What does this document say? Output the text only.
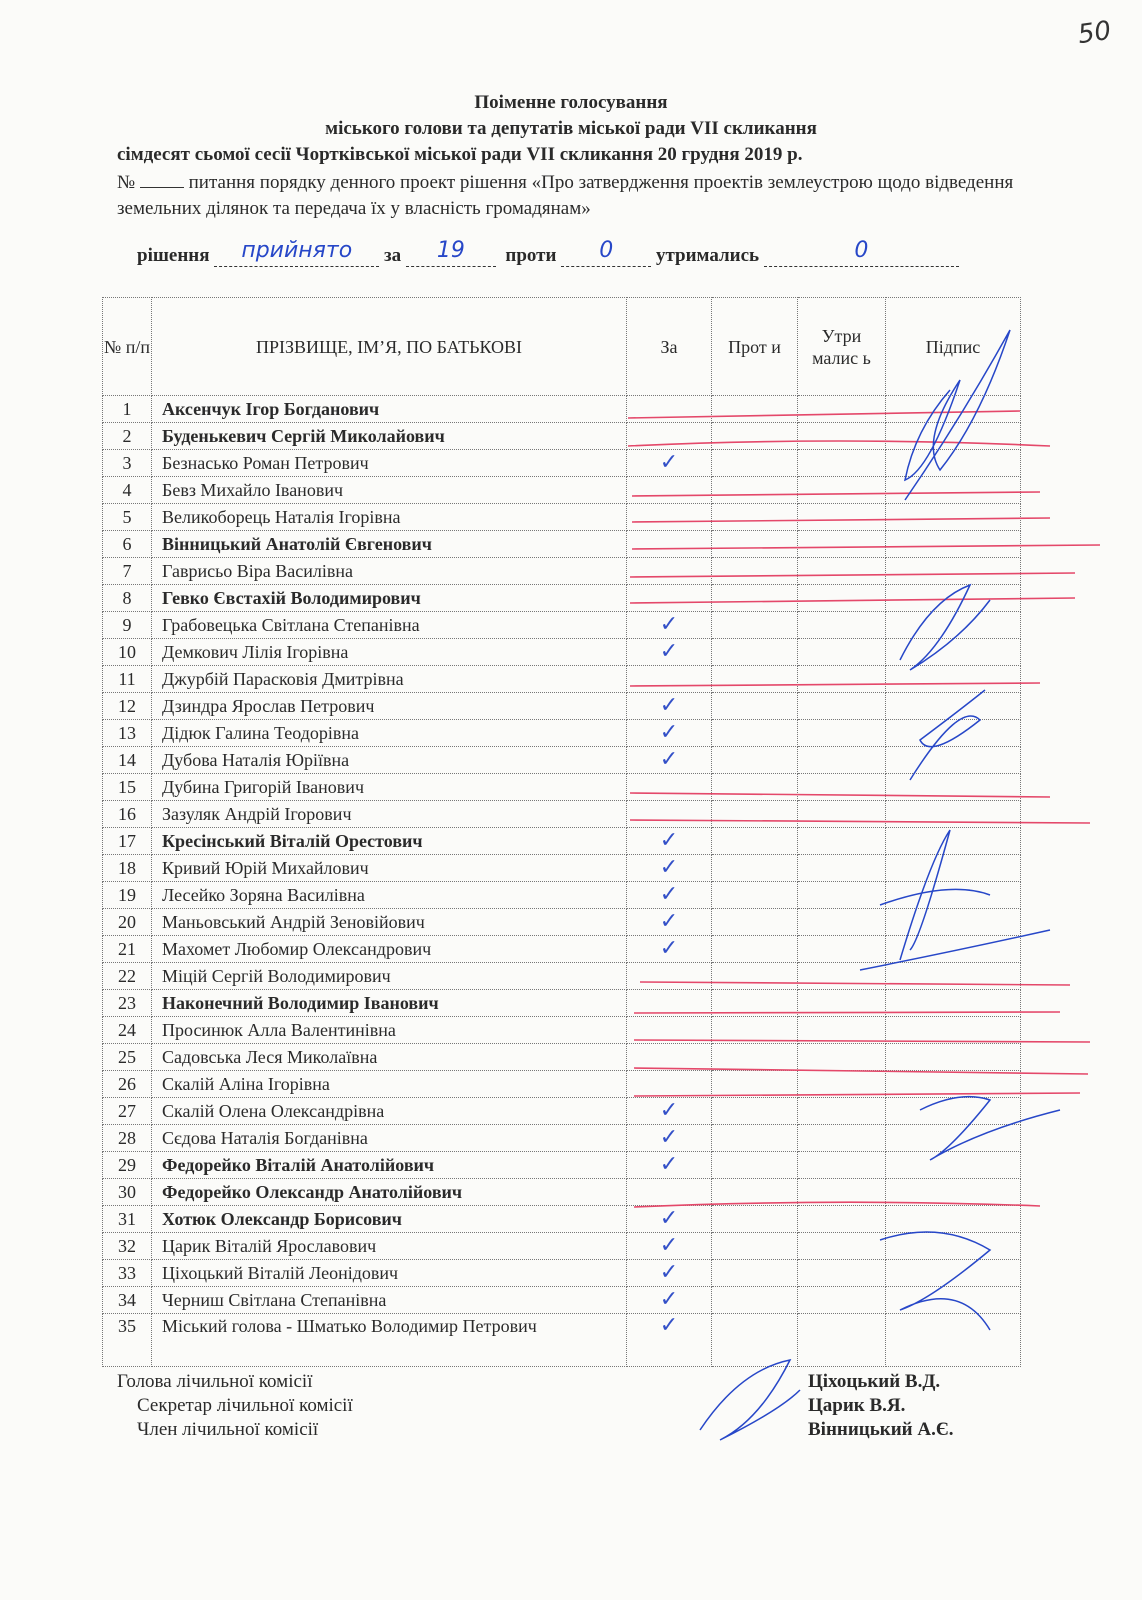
50
Поіменне голосування
міського голови та депутатів міської ради VII скликання
сімдесят сьомої сесії Чортківської міської ради VII скликання 20 грудня 2019 р.
№	питання порядку денного проект рішення «Про затвердження проектів землеустрою щодо відведення земельних ділянок та передача їх у власність громадянам»
рішення прийнято за 19 проти 0 утримались	0
№ п/п	ПРІЗВИЩЕ, ІМ’Я, ПО БАТЬКОВІ	За	Прот и	Утри малис ь	Підпис
1	Аксенчук Ігор Богданович				
2	Буденькевич Сергій Миколайович				
3	Безнасько Роман Петрович	✓			
4	Бевз Михайло Іванович				
5	Великоборець Наталія Ігорівна				
6	Вінницький Анатолій Євгенович				
7	Гаврисьо Віра Василівна				
8	Гевко Євстахій Володимирович				
9	Грабовецька Світлана Степанівна	✓			
10	Демкович Лілія Ігорівна	✓			
11	Джурбій Парасковія Дмитрівна				
12	Дзиндра Ярослав Петрович	✓			
13	Дідюк Галина Теодорівна	✓			
14	Дубова Наталія Юріївна	✓			
15	Дубина Григорій Іванович				
16	Зазуляк Андрій Ігорович				
17	Кресінський Віталій Орестович	✓			
18	Кривий Юрій Михайлович	✓			
19	Лесейко Зоряна Василівна	✓			
20	Маньовський Андрій Зеновійович	✓			
21	Махомет Любомир Олександрович	✓			
22	Міцій Сергій Володимирович				
23	Наконечний Володимир Іванович				
24	Просинюк Алла Валентинівна				
25	Садовська Леся Миколаївна				
26	Скалій Аліна Ігорівна				
27	Скалій Олена Олександрівна	✓			
28	Сєдова Наталія Богданівна	✓			
29	Федорейко Віталій Анатолійович	✓			
30	Федорейко Олександр Анатолійович				
31	Хотюк Олександр Борисович	✓			
32	Царик Віталій Ярославович	✓			
33	Ціхоцький Віталій Леонідович	✓			
34	Черниш Світлана Степанівна	✓			
35	Міський голова - Шматько Володимир Петрович	✓			
Голова лічильної комісії	Ціхоцький В.Д.
Секретар лічильної комісії	Царик В.Я.
Член лічильної комісії	Вінницький А.Є.
